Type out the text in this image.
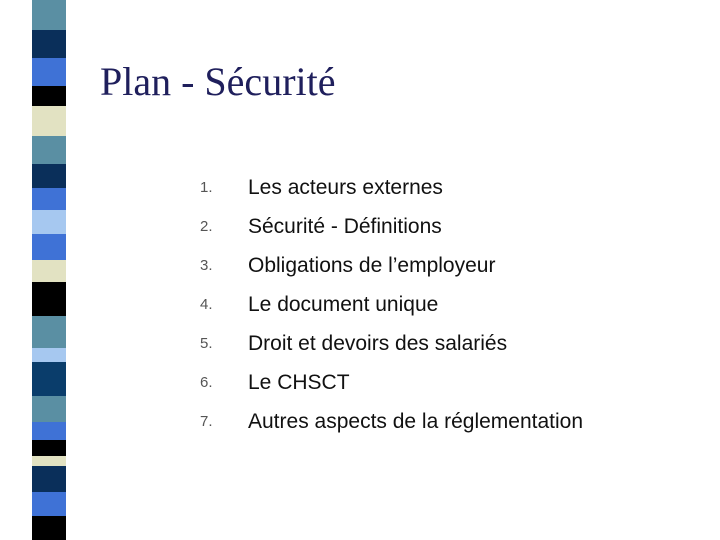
Plan - Sécurité
1.	Les acteurs externes
2.	Sécurité - Définitions
3.	Obligations de l’employeur
4.	Le document unique
5.	Droit et devoirs des salariés
6.	Le CHSCT
7.	Autres aspects de la réglementation
